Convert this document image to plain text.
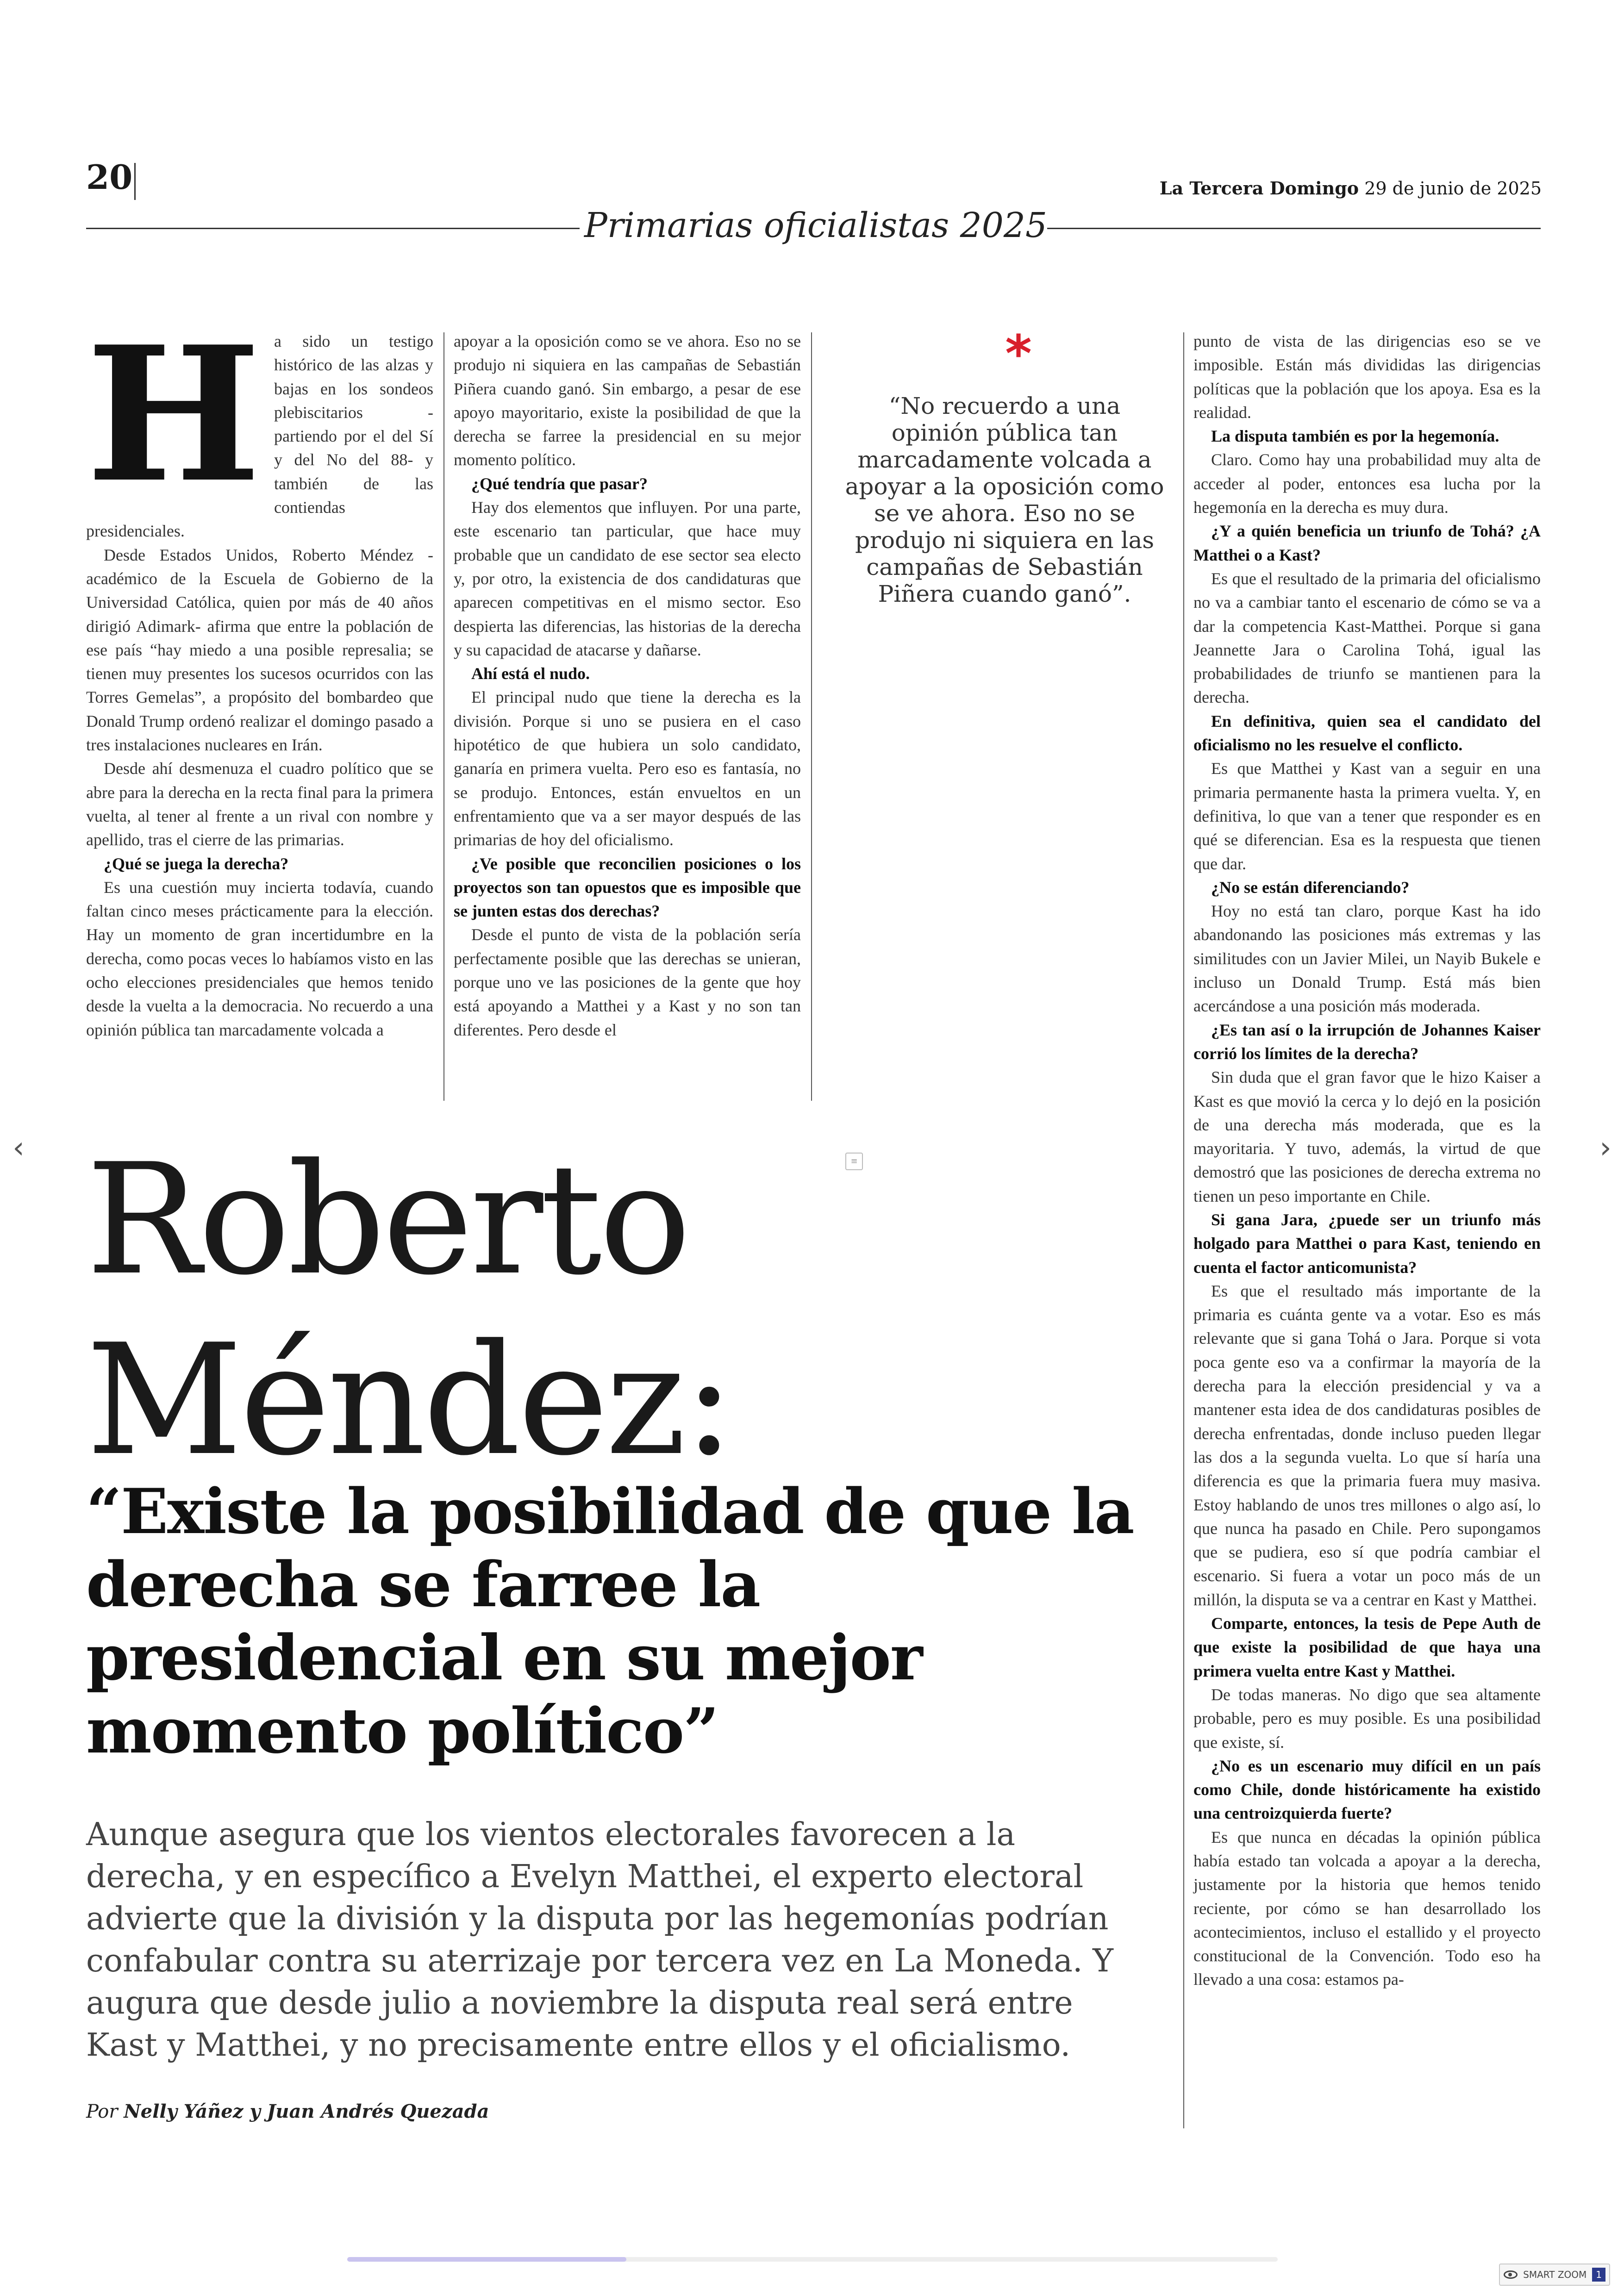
20	La Tercera Domingo 29 de junio de 2025
Primarias oficialistas 2025
H a sido un testigo histórico de las alzas y bajas en los sondeos plebiscitarios -partiendo por el del Sí y del No del 88- y también de las contiendas presidenciales.

Desde Estados Unidos, Roberto Méndez -académico de la Escuela de Gobierno de la Universidad Católica, quien por más de 40 años dirigió Adimark- afirma que entre la población de ese país “hay miedo a una posible represalia; se tienen muy presentes los sucesos ocurridos con las Torres Gemelas”, a propósito del bombardeo que Donald Trump ordenó realizar el domingo pasado a tres instalaciones nucleares en Irán.

Desde ahí desmenuza el cuadro político que se abre para la derecha en la recta final para la primera vuelta, al tener al frente a un rival con nombre y apellido, tras el cierre de las primarias.

¿Qué se juega la derecha?

Es una cuestión muy incierta todavía, cuando faltan cinco meses prácticamente para la elección. Hay un momento de gran incertidumbre en la derecha, como pocas veces lo habíamos visto en las ocho elecciones presidenciales que hemos tenido desde la vuelta a la democracia. No recuerdo a una opinión pública tan marcadamente volcada a

apoyar a la oposición como se ve ahora. Eso no se produjo ni siquiera en las campañas de Sebastián Piñera cuando ganó. Sin embargo, a pesar de ese apoyo mayoritario, existe la posibilidad de que la derecha se farree la presidencial en su mejor momento político.

¿Qué tendría que pasar?

Hay dos elementos que influyen. Por una parte, este escenario tan particular, que hace muy probable que un candidato de ese sector sea electo y, por otro, la existencia de dos candidaturas que aparecen competitivas en el mismo sector. Eso despierta las diferencias, las historias de la derecha y su capacidad de atacarse y dañarse.

Ahí está el nudo.

El principal nudo que tiene la derecha es la división. Porque si uno se pusiera en el caso hipotético de que hubiera un solo candidato, ganaría en primera vuelta. Pero eso es fantasía, no se produjo. Entonces, están envueltos en un enfrentamiento que va a ser mayor después de las primarias de hoy del oficialismo.

¿Ve posible que reconcilien posiciones o los proyectos son tan opuestos que es imposible que se junten estas dos derechas?

Desde el punto de vista de la población sería perfectamente posible que las derechas se unieran, porque uno ve las posiciones de la gente que hoy está apoyando a Matthei y a Kast y no son tan diferentes. Pero desde el

*
“No recuerdo a una opinión pública tan marcadamente volcada a apoyar a la oposición como se ve ahora. Eso no se produjo ni siquiera en las campañas de Sebastián Piñera cuando ganó”.

punto de vista de las dirigencias eso se ve imposible. Están más divididas las dirigencias políticas que la población que los apoya. Esa es la realidad.

La disputa también es por la hegemonía.

Claro. Como hay una probabilidad muy alta de acceder al poder, entonces esa lucha por la hegemonía en la derecha es muy dura.

¿Y a quién beneficia un triunfo de Tohá? ¿A Matthei o a Kast?

Es que el resultado de la primaria del oficialismo no va a cambiar tanto el escenario de cómo se va a dar la competencia Kast-Matthei. Porque si gana Jeannette Jara o Carolina Tohá, igual las probabilidades de triunfo se mantienen para la derecha.

En definitiva, quien sea el candidato del oficialismo no les resuelve el conflicto.

Es que Matthei y Kast van a seguir en una primaria permanente hasta la primera vuelta. Y, en definitiva, lo que van a tener que responder es en qué se diferencian. Esa es la respuesta que tienen que dar.

¿No se están diferenciando?

Hoy no está tan claro, porque Kast ha ido abandonando las posiciones más extremas y las similitudes con un Javier Milei, un Nayib Bukele e incluso un Donald Trump. Está más bien acercándose a una posición más moderada.

¿Es tan así o la irrupción de Johannes Kaiser corrió los límites de la derecha?

Sin duda que el gran favor que le hizo Kaiser a Kast es que movió la cerca y lo dejó en la posición de una derecha más moderada, que es la mayoritaria. Y tuvo, además, la virtud de que demostró que las posiciones de derecha extrema no tienen un peso importante en Chile.

Si gana Jara, ¿puede ser un triunfo más holgado para Matthei o para Kast, teniendo en cuenta el factor anticomunista?

Es que el resultado más importante de la primaria es cuánta gente va a votar. Eso es más relevante que si gana Tohá o Jara. Porque si vota poca gente eso va a confirmar la mayoría de la derecha para la elección presidencial y va a mantener esta idea de dos candidaturas posibles de derecha enfrentadas, donde incluso pueden llegar las dos a la segunda vuelta. Lo que sí haría una diferencia es que la primaria fuera muy masiva. Estoy hablando de unos tres millones o algo así, lo que nunca ha pasado en Chile. Pero supongamos que se pudiera, eso sí que podría cambiar el escenario. Si fuera a votar un poco más de un millón, la disputa se va a centrar en Kast y Matthei.

Comparte, entonces, la tesis de Pepe Auth de que existe la posibilidad de que haya una primera vuelta entre Kast y Matthei.

De todas maneras. No digo que sea altamente probable, pero es muy posible. Es una posibilidad que existe, sí.

¿No es un escenario muy difícil en un país como Chile, donde históricamente ha existido una centroizquierda fuerte?

Es que nunca en décadas la opinión pública había estado tan volcada a apoyar a la derecha, justamente por la historia que hemos tenido reciente, por cómo se han desarrollado los acontecimientos, incluso el estallido y el proyecto constitucional de la Convención. Todo eso ha llevado a una cosa: estamos pa-

Roberto
Méndez:
“Existe la posibilidad de que la derecha se farree la presidencial en su mejor momento político”
Aunque asegura que los vientos electorales favorecen a la derecha, y en específico a Evelyn Matthei, el experto electoral advierte que la división y la disputa por las hegemonías podrían confabular contra su aterrizaje por tercera vez en La Moneda. Y augura que desde julio a noviembre la disputa real será entre Kast y Matthei, y no precisamente entre ellos y el oficialismo.
Por Nelly Yáñez y Juan Andrés Quezada
‹	›
≡
SMART ZOOM	1
